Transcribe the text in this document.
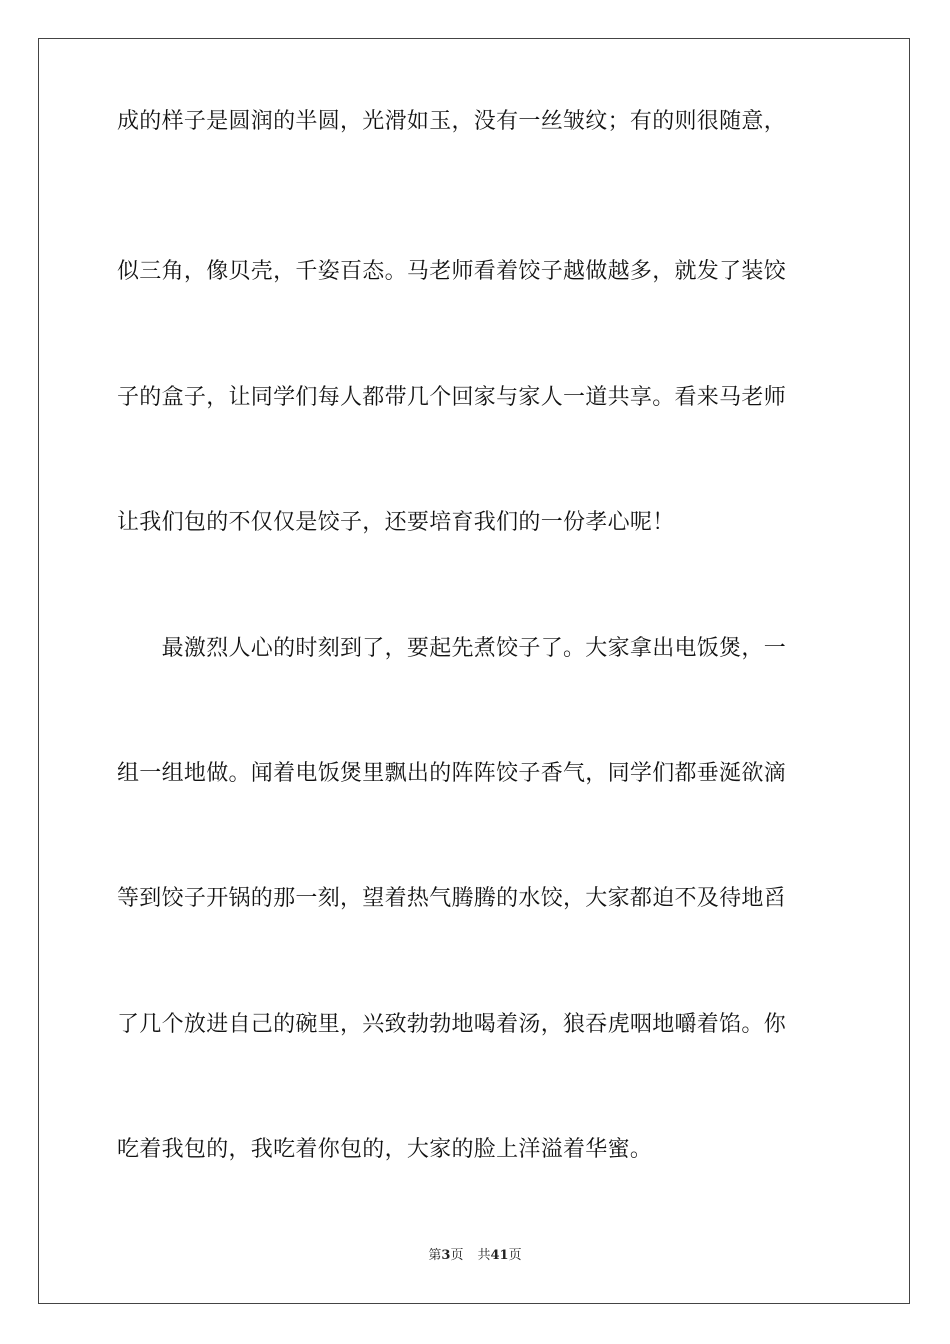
成的样子是圆润的半圆，光滑如玉，没有一丝皱纹；有的则很随意，
似三角，像贝壳，千姿百态。马老师看着饺子越做越多，就发了装饺
子的盒子，让同学们每人都带几个回家与家人一道共享。看来马老师
让我们包的不仅仅是饺子，还要培育我们的一份孝心呢！
　　最激烈人心的时刻到了，要起先煮饺子了。大家拿出电饭煲，一
组一组地做。闻着电饭煲里飘出的阵阵饺子香气，同学们都垂涎欲滴
等到饺子开锅的那一刻，望着热气腾腾的水饺，大家都迫不及待地舀
了几个放进自己的碗里，兴致勃勃地喝着汤，狼吞虎咽地嚼着馅。你
吃着我包的，我吃着你包的，大家的脸上洋溢着华蜜。
第3页 共41页
